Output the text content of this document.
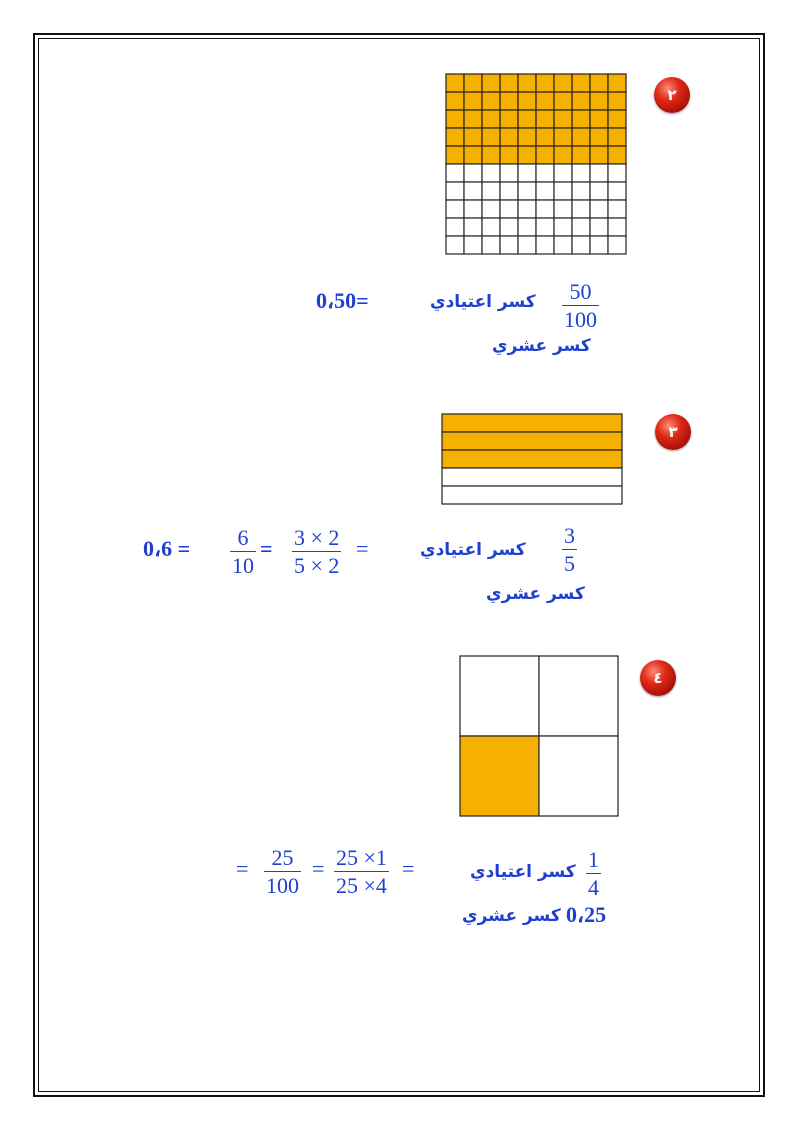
٢
50
100
كسر اعتيادي
0،50=
كسر عشري
٣
3
5
كسر اعتيادي
=
3 × 2
5 × 2
=
6
10
0،6 =
كسر عشري
٤
1
4
كسر اعتيادي
=
25 ×1
25 ×4
=
25
100
=
0،25
كسر عشري
